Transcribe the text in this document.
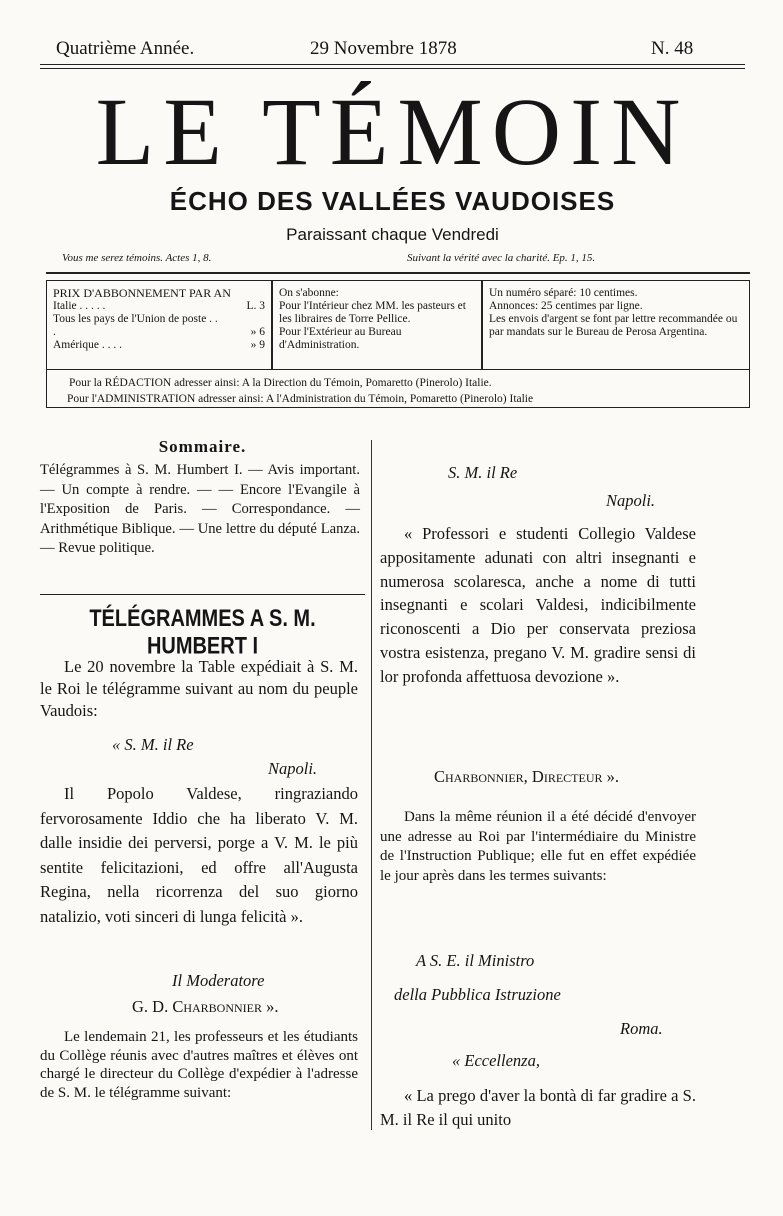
Quatrième Année.	29 Novembre 1878	N. 48
LE TÉMOIN
ÉCHO DES VALLÉES VAUDOISES
Paraissant chaque Vendredi
Vous me serez témoins. Actes 1, 8.	Suivant la vérité avec la charité. Ep. 1, 15.
PRIX D'ABBONNEMENT PAR AN
Italie . . . . .	L. 3
Tous les pays de l'Union de poste . . .	» 6
Amérique . . . .	» 9
On s'abonne:
Pour l'Intérieur chez MM. les pasteurs et les libraires de Torre Pellice.
Pour l'Extérieur au Bureau d'Administration.
Un numéro séparé: 10 centimes.
Annonces: 25 centimes par ligne.
Les envois d'argent se font par lettre recommandée ou par mandats sur le Bureau de Perosa Argentina.
Pour la RÉDACTION adresser ainsi: A la Direction du Témoin, Pomaretto (Pinerolo) Italie.
Pour l'ADMINISTRATION adresser ainsi: A l'Administration du Témoin, Pomaretto (Pinerolo) Italie
Sommaire.
Télégrammes à S. M. Humbert I. — Avis important. — Un compte à rendre. — — Encore l'Evangile à l'Exposition de Paris. — Correspondance. — Arithmétique Biblique. — Une lettre du député Lanza. — Revue politique.
TÉLÉGRAMMES A S. M. HUMBERT I
Le 20 novembre la Table expédiait à S. M. le Roi le télégramme suivant au nom du peuple Vaudois:
« S. M. il Re
Napoli.
Il Popolo Valdese, ringraziando fervorosamente Iddio che ha liberato V. M. dalle insidie dei perversi, porge a V. M. le più sentite felicitazioni, ed offre all'Augusta Regina, nella ricorrenza del suo giorno natalizio, voti sinceri di lunga felicità ».
Il Moderatore
G. D. Charbonnier ».
Le lendemain 21, les professeurs et les étudiants du Collège réunis avec d'autres maîtres et élèves ont chargé le directeur du Collège d'expédier à l'adresse de S. M. le télégramme suivant:
S. M. il Re
Napoli.
« Professori e studenti Collegio Valdese appositamente adunati con altri insegnanti e numerosa scolaresca, anche a nome di tutti insegnanti e scolari Valdesi, indicibilmente riconoscenti a Dio per conservata preziosa vostra esistenza, pregano V. M. gradire sensi di lor profonda affettuosa devozione ».
Charbonnier, Directeur ».
Dans la même réunion il a été décidé d'envoyer une adresse au Roi par l'intermédiaire du Ministre de l'Instruction Publique; elle fut en effet expédiée le jour après dans les termes suivants:
A S. E. il Ministro
della Pubblica Istruzione
Roma.
« Eccellenza,
« La prego d'aver la bontà di far gradire a S. M. il Re il qui unito
